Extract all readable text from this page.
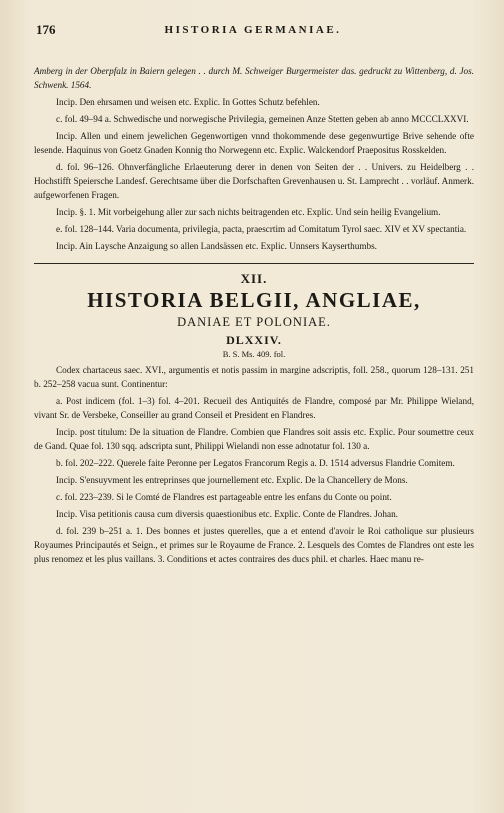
176	HISTORIA GERMANIAE.

Amberg in der Oberpfalz in Baiern gelegen . . durch M. Schweiger Burgermeister das. gedruckt zu Wittenberg, d. Jos. Schwenk. 1564.

Incip. Den ehrsamen und weisen etc. Explic. In Gottes Schutz befehlen.

c. fol. 49–94 a. Schwedische und norwegische Privilegia, gemeinen Anze Stetten geben ab anno MCCCLXXVI.

Incip. Allen und einem jewelichen Gegenwortigen vnnd thokommende dese gegenwurtige Brive sehende ofte lesende. Haquinus von Goetz Gnaden Konnig tho Norwegenn etc. Explic. Walckendorf Praepositus Rosskelden.

d. fol. 96–126. Ohnverfängliche Erlaeuterung derer in denen von Seiten der . . Univers. zu Heidelberg . . Hochstifft Speiersche Landesf. Gerechtsame über die Dorfschaften Grevenhausen u. St. Lamprecht . . vorläuf. Anmerk. aufgeworfenen Fragen.

Incip. §. 1. Mit vorbeigehung aller zur sach nichts beitragenden etc. Explic. Und sein heilig Evangelium.

e. fol. 128–144. Varia documenta, privilegia, pacta, praescrtim ad Comitatum Tyrol saec. XIV et XV spectantia.

Incip. Ain Laysche Anzaigung so allen Landsässen etc. Explic. Unnsers Kayserthumbs.

XII.
HISTORIA BELGII, ANGLIAE,
DANIAE ET POLONIAE.
DLXXIV.
B. S. Ms. 409. fol.

Codex chartaceus saec. XVI., argumentis et notis passim in margine adscriptis, foll. 258., quorum 128–131. 251 b. 252–258 vacua sunt. Continentur:

a. Post indicem (fol. 1–3) fol. 4–201. Recueil des Antiquités de Flandre, composé par Mr. Philippe Wieland, vivant Sr. de Versbeke, Conseiller au grand Conseil et President en Flandres.

Incip. post titulum: De la situation de Flandre. Combien que Flandres soit assis etc. Explic. Pour soumettre ceux de Gand. Quae fol. 130 sqq. adscripta sunt, Philippi Wielandi non esse adnotatur fol. 130 a.

b. fol. 202–222. Querele faite Peronne per Legatos Francorum Regis a. D. 1514 adversus Flandrie Comitem.

Incip. S'ensuyvment les entreprinses que journellement etc. Explic. De la Chancellery de Mons.

c. fol. 223–239. Si le Comté de Flandres est partageable entre les enfans du Conte ou point.

Incip. Visa petitionis causa cum diversis quaestionibus etc. Explic. Conte de Flandres. Johan.

d. fol. 239 b–251 a. 1. Des bonnes et justes querelles, que a et entend d'avoir le Roi catholique sur plusieurs Royaumes Principautés et Seign., et primes sur le Royaume de France. 2. Lesquels des Comtes de Flandres ont este les plus renomez et les plus vaillans. 3. Conditions et actes contraires des ducs phil. et charles. Haec manu re-
